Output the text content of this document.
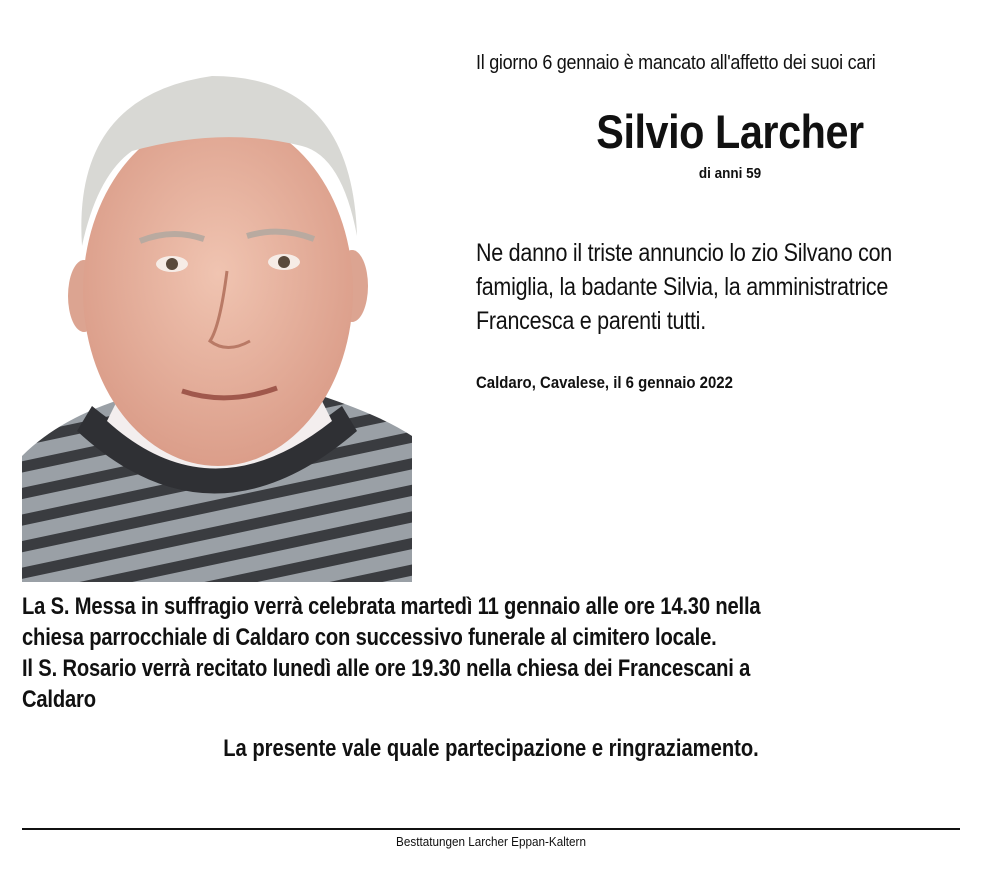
Il giorno 6 gennaio è mancato all'affetto dei suoi cari
Silvio Larcher
di anni 59
Ne danno il triste annuncio lo zio Silvano con
famiglia, la badante Silvia, la amministratrice
Francesca e parenti tutti.
Caldaro, Cavalese, il 6 gennaio 2022
La S. Messa in suffragio verrà celebrata martedì 11 gennaio alle ore 14.30 nella
chiesa parrocchiale di Caldaro con successivo funerale al cimitero locale.
Il S. Rosario verrà recitato lunedì alle ore 19.30 nella chiesa dei Francescani a
Caldaro
La presente vale quale partecipazione e ringraziamento.
Besttatungen Larcher Eppan-Kaltern
